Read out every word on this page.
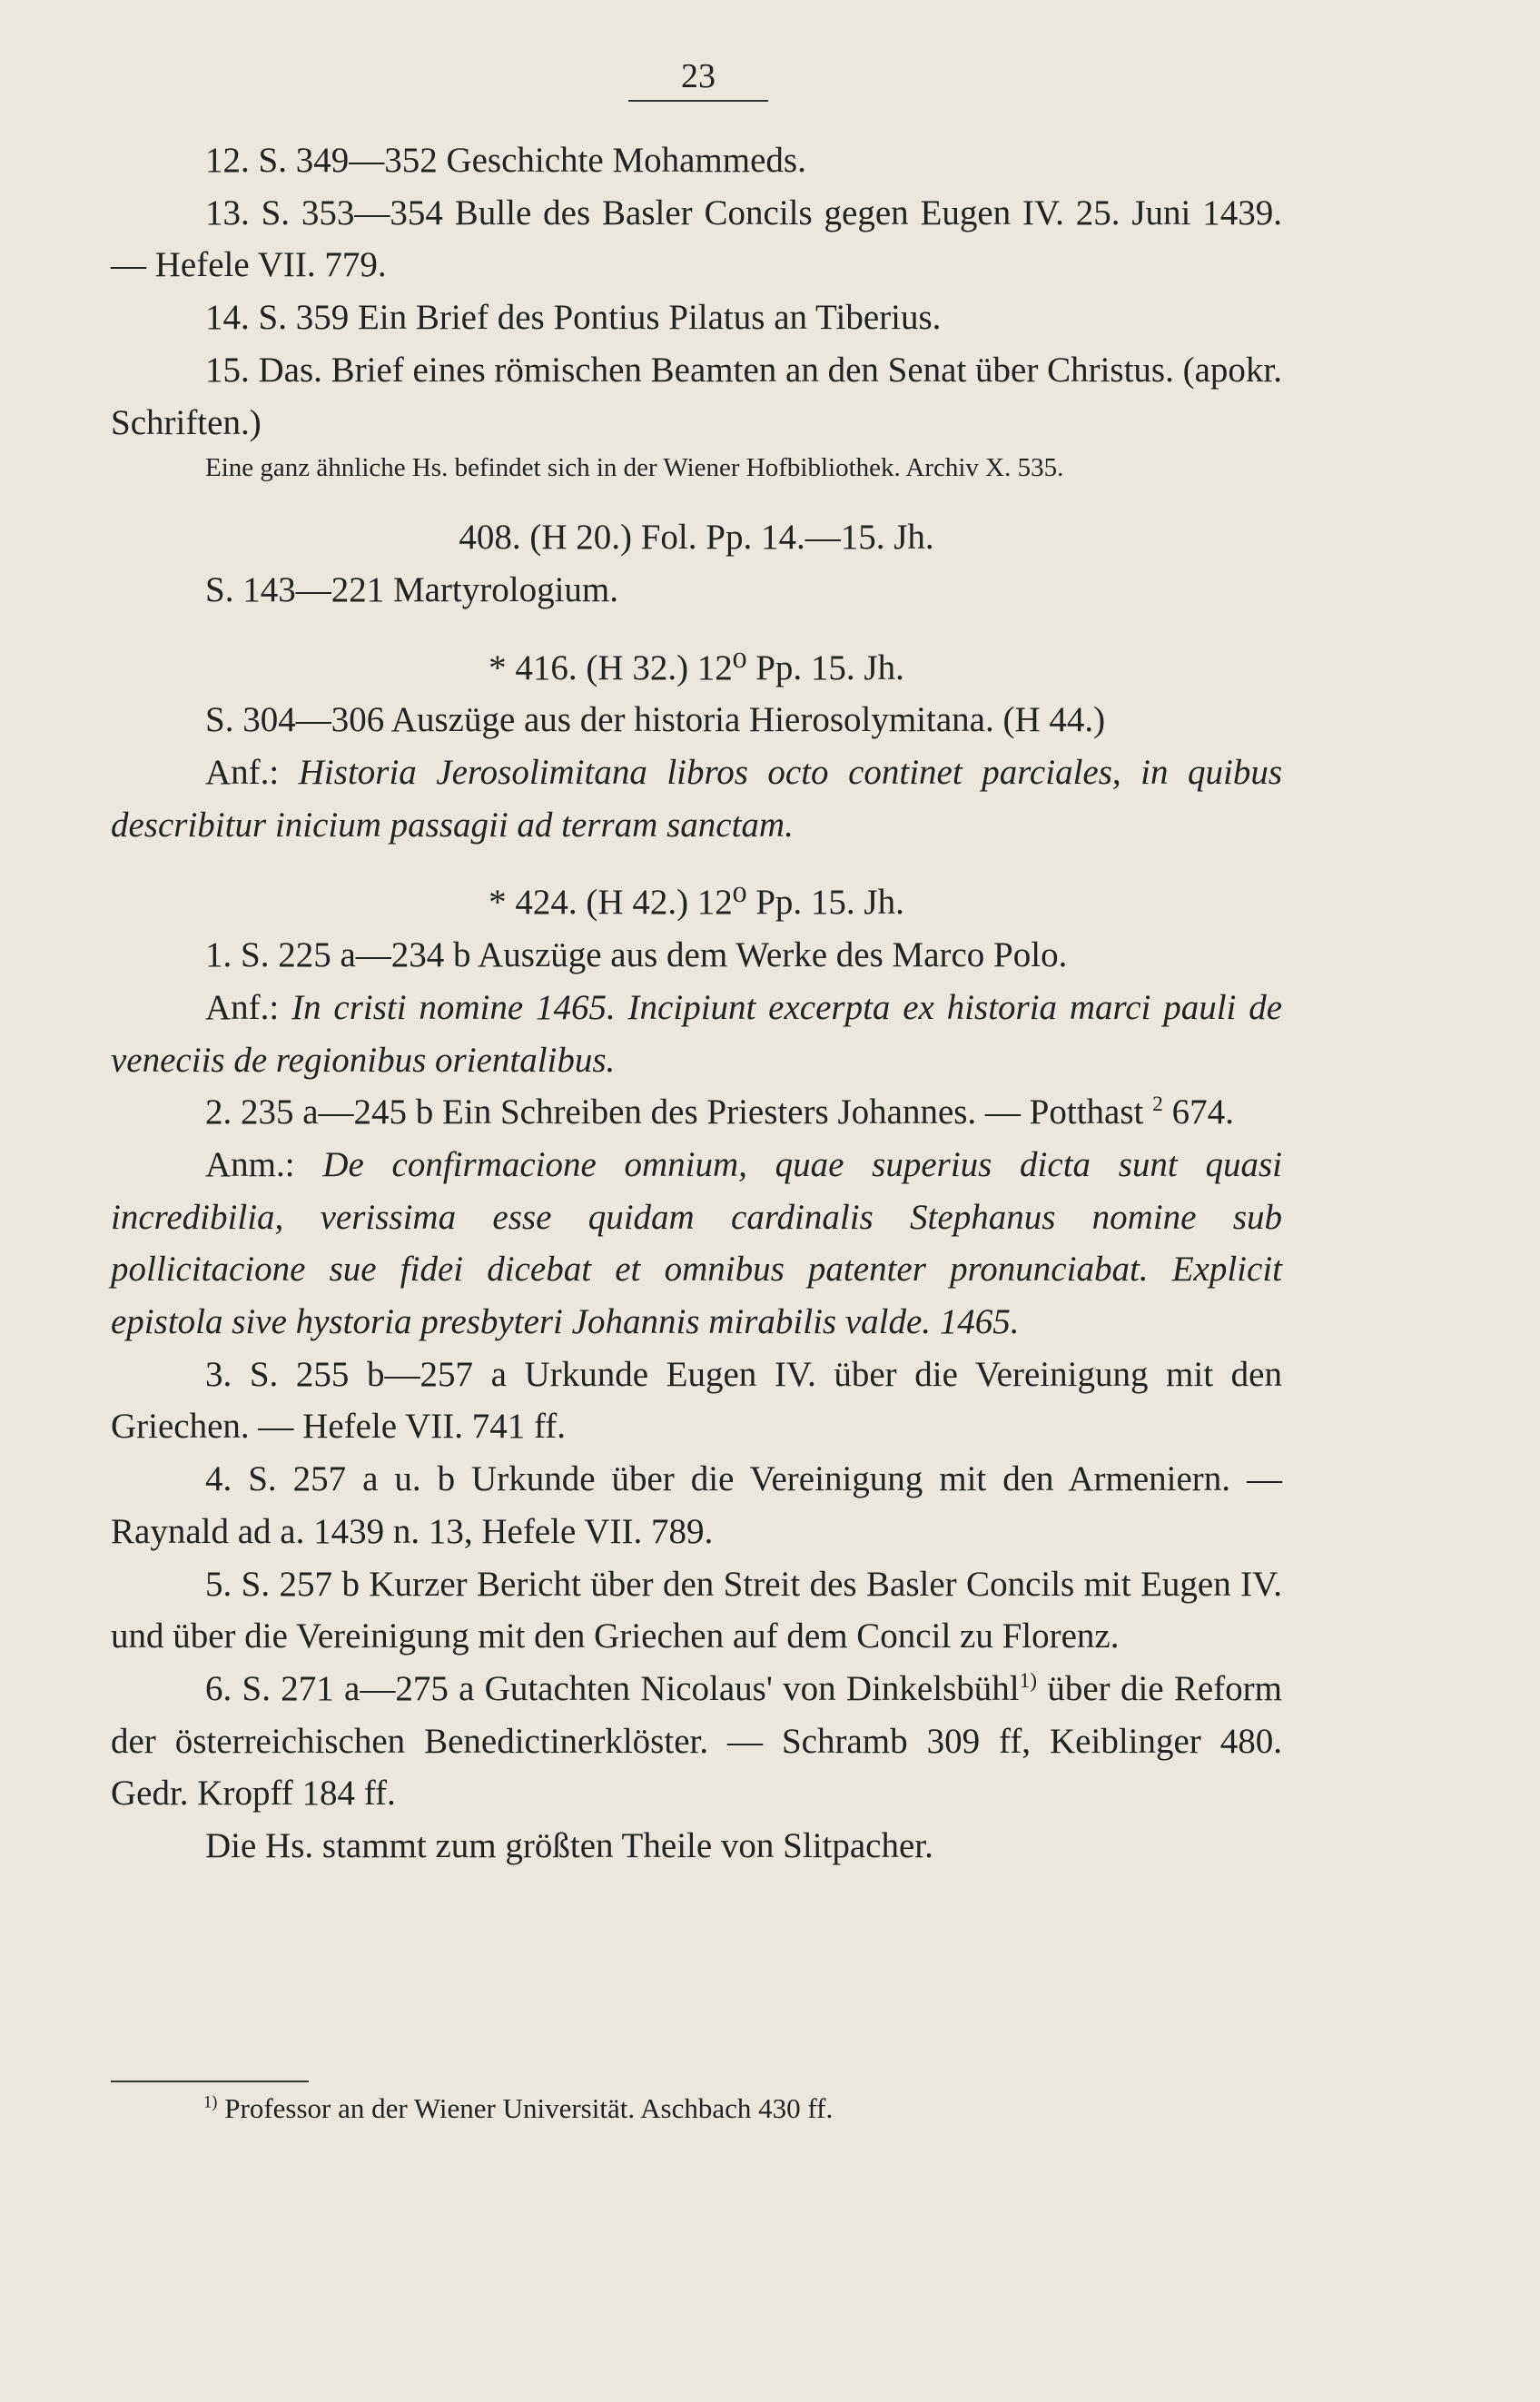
23

12. S. 349—352 Geschichte Mohammeds.

13. S. 353—354 Bulle des Basler Concils gegen Eugen IV. 25. Juni 1439. — Hefele VII. 779.

14. S. 359 Ein Brief des Pontius Pilatus an Tiberius.

15. Das. Brief eines römischen Beamten an den Senat über Christus. (apokr. Schriften.)

Eine ganz ähnliche Hs. befindet sich in der Wiener Hofbibliothek. Archiv X. 535.

408. (H 20.) Fol. Pp. 14.—15. Jh.

S. 143—221 Martyrologium.

* 416. (H 32.) 12⁰ Pp. 15. Jh.

S. 304—306 Auszüge aus der historia Hierosolymitana. (H 44.)

Anf.: Historia Jerosolimitana libros octo continet parciales, in quibus describitur inicium passagii ad terram sanctam.

* 424. (H 42.) 12⁰ Pp. 15. Jh.

1. S. 225 a—234 b Auszüge aus dem Werke des Marco Polo.

Anf.: In cristi nomine 1465. Incipiunt excerpta ex historia marci pauli de veneciis de regionibus orientalibus.

2. 235 a—245 b Ein Schreiben des Priesters Johannes. — Potthast $^2$ 674.

Anm.: De confirmacione omnium, quae superius dicta sunt quasi incredibilia, verissima esse quidam cardinalis Stephanus nomine sub pollicitacione sue fidei dicebat et omnibus patenter pronunciabat. Explicit epistola sive hystoria presbyteri Johannis mirabilis valde. 1465.

3. S. 255 b—257 a Urkunde Eugen IV. über die Vereinigung mit den Griechen. — Hefele VII. 741 ff.

4. S. 257 a u. b Urkunde über die Vereinigung mit den Armeniern. — Raynald ad a. 1439 n. 13, Hefele VII. 789.

5. S. 257 b Kurzer Bericht über den Streit des Basler Concils mit Eugen IV. und über die Vereinigung mit den Griechen auf dem Concil zu Florenz.

6. S. 271 a—275 a Gutachten Nicolaus' von Dinkelsbühl$^{1)}$ über die Reform der österreichischen Benedictinerklöster. — Schramb 309 ff, Keiblinger 480. Gedr. Kropff 184 ff.

Die Hs. stammt zum größten Theile von Slitpacher.

$^{1)}$ Professor an der Wiener Universität. Aschbach 430 ff.
